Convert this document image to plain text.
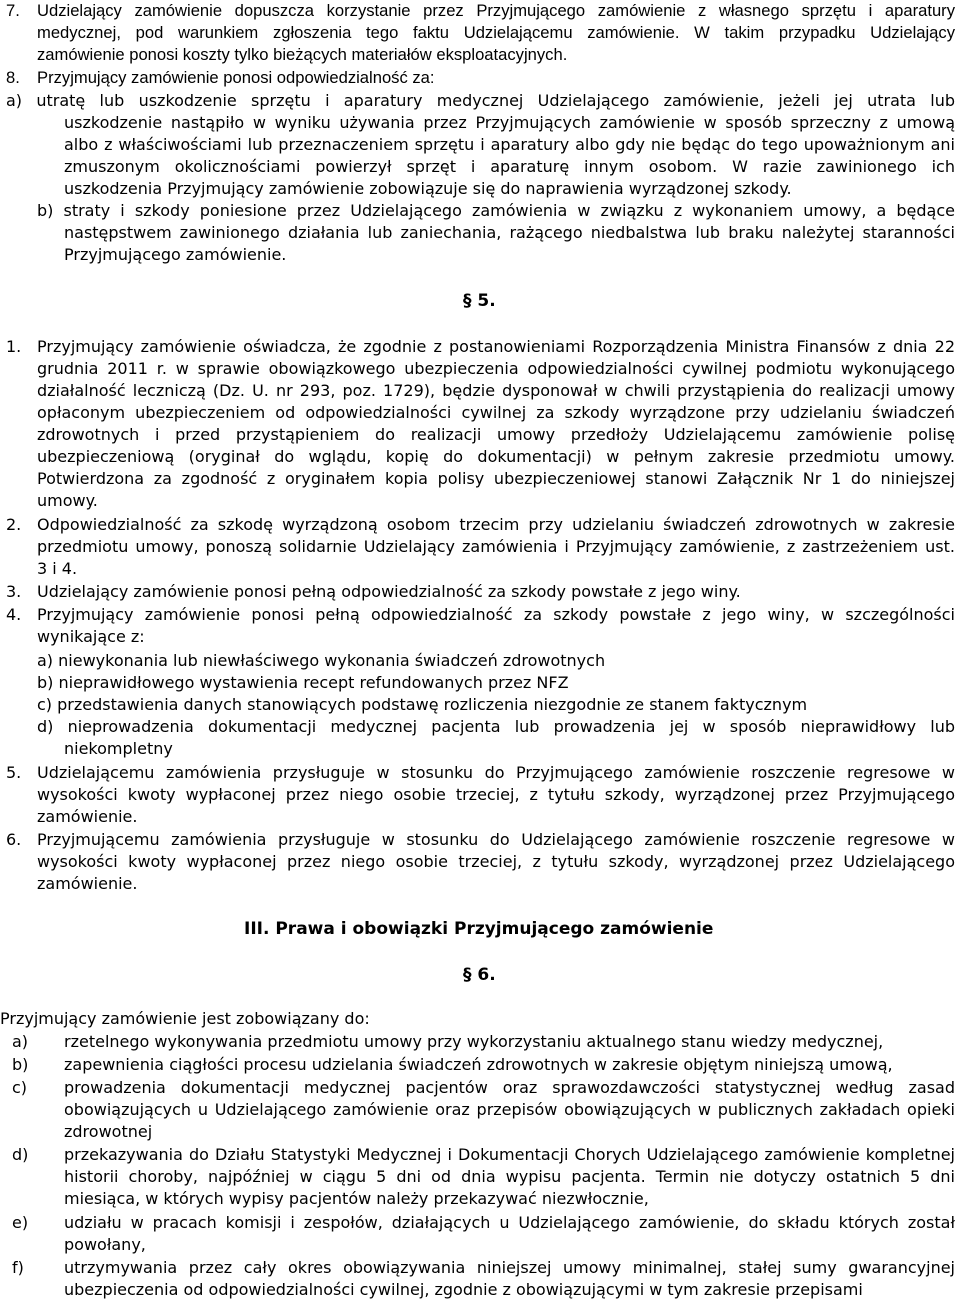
7. Udzielający zamówienie dopuszcza korzystanie przez Przyjmującego zamówienie z własnego sprzętu i aparatury
medycznej, pod warunkiem zgłoszenia tego faktu Udzielającemu zamówienie. W takim przypadku Udzielający
zamówienie ponosi koszty tylko bieżących materiałów eksploatacyjnych.
8. Przyjmujący zamówienie ponosi odpowiedzialność za:
a) utratę lub uszkodzenie sprzętu i aparatury medycznej Udzielającego zamówienie, jeżeli jej utrata lub
uszkodzenie nastąpiło w wyniku używania przez Przyjmujących zamówienie w sposób sprzeczny z umową
albo z właściwościami lub przeznaczeniem sprzętu i aparatury albo gdy nie będąc do tego upoważnionym ani
zmuszonym okolicznościami powierzył sprzęt i aparaturę innym osobom. W razie zawinionego ich
uszkodzenia Przyjmujący zamówienie zobowiązuje się do naprawienia wyrządzonej szkody.
b) straty i szkody poniesione przez Udzielającego zamówienia w związku z wykonaniem umowy, a będące
następstwem zawinionego działania lub zaniechania, rażącego niedbalstwa lub braku należytej staranności
Przyjmującego zamówienie.
§ 5.
1. Przyjmujący zamówienie oświadcza, że zgodnie z postanowieniami Rozporządzenia Ministra Finansów z dnia 22
grudnia 2011 r. w sprawie obowiązkowego ubezpieczenia odpowiedzialności cywilnej podmiotu wykonującego
działalność leczniczą (Dz. U. nr 293, poz. 1729), będzie dysponował w chwili przystąpienia do realizacji umowy
opłaconym ubezpieczeniem od odpowiedzialności cywilnej za szkody wyrządzone przy udzielaniu świadczeń
zdrowotnych i przed przystąpieniem do realizacji umowy przedłoży Udzielającemu zamówienie polisę
ubezpieczeniową (oryginał do wglądu, kopię do dokumentacji) w pełnym zakresie przedmiotu umowy.
Potwierdzona za zgodność z oryginałem kopia polisy ubezpieczeniowej stanowi Załącznik Nr 1 do niniejszej
umowy.
2. Odpowiedzialność za szkodę wyrządzoną osobom trzecim przy udzielaniu świadczeń zdrowotnych w zakresie
przedmiotu umowy, ponoszą solidarnie Udzielający zamówienia i Przyjmujący zamówienie, z zastrzeżeniem ust.
3 i 4.
3. Udzielający zamówienie ponosi pełną odpowiedzialność za szkody powstałe z jego winy.
4. Przyjmujący zamówienie ponosi pełną odpowiedzialność za szkody powstałe z jego winy, w szczególności
wynikające z:
a) niewykonania lub niewłaściwego wykonania świadczeń zdrowotnych
b) nieprawidłowego wystawienia recept refundowanych przez NFZ
c) przedstawienia danych stanowiących podstawę rozliczenia niezgodnie ze stanem faktycznym
d) nieprowadzenia dokumentacji medycznej pacjenta lub prowadzenia jej w sposób nieprawidłowy lub
niekompletny
5. Udzielającemu zamówienia przysługuje w stosunku do Przyjmującego zamówienie roszczenie regresowe w
wysokości kwoty wypłaconej przez niego osobie trzeciej, z tytułu szkody, wyrządzonej przez Przyjmującego
zamówienie.
6. Przyjmującemu zamówienia przysługuje w stosunku do Udzielającego zamówienie roszczenie regresowe w
wysokości kwoty wypłaconej przez niego osobie trzeciej, z tytułu szkody, wyrządzonej przez Udzielającego
zamówienie.
III. Prawa i obowiązki Przyjmującego zamówienie
§ 6.
Przyjmujący zamówienie jest zobowiązany do:
a) rzetelnego wykonywania przedmiotu umowy przy wykorzystaniu aktualnego stanu wiedzy medycznej,
b) zapewnienia ciągłości procesu udzielania świadczeń zdrowotnych w zakresie objętym niniejszą umową,
c) prowadzenia dokumentacji medycznej pacjentów oraz sprawozdawczości statystycznej według zasad
obowiązujących u Udzielającego zamówienie oraz przepisów obowiązujących w publicznych zakładach opieki
zdrowotnej
d) przekazywania do Działu Statystyki Medycznej i Dokumentacji Chorych Udzielającego zamówienie kompletnej
historii choroby, najpóźniej w ciągu 5 dni od dnia wypisu pacjenta. Termin nie dotyczy ostatnich 5 dni
miesiąca, w których wypisy pacjentów należy przekazywać niezwłocznie,
e) udziału w pracach komisji i zespołów, działających u Udzielającego zamówienie, do składu których został
powołany,
f)	utrzymywania przez cały okres obowiązywania niniejszej umowy minimalnej, stałej sumy gwarancyjnej
ubezpieczenia od odpowiedzialności cywilnej, zgodnie z obowiązującymi w tym zakresie przepisami
